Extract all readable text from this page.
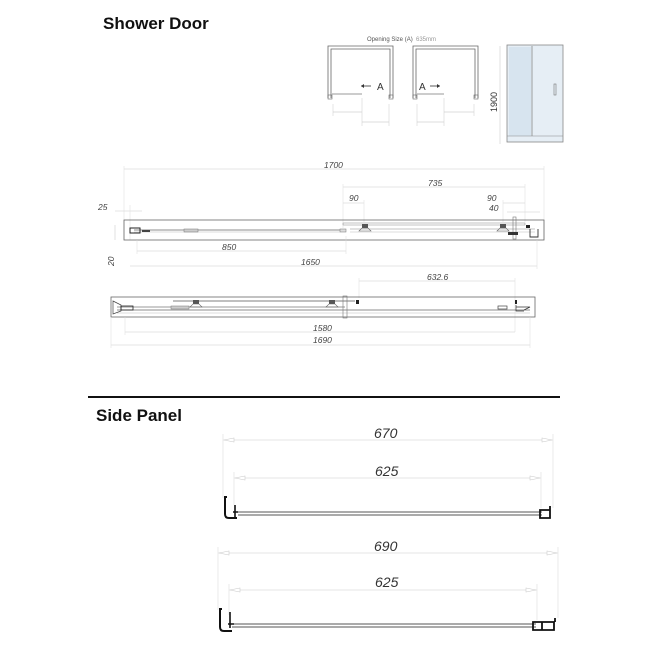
Shower Door
Side Panel
Opening Size (A) 635mm
A	A
1900
1700
735
90	90
40
25
20
850
1650
632.6
1580
1690
670
625
690
625
